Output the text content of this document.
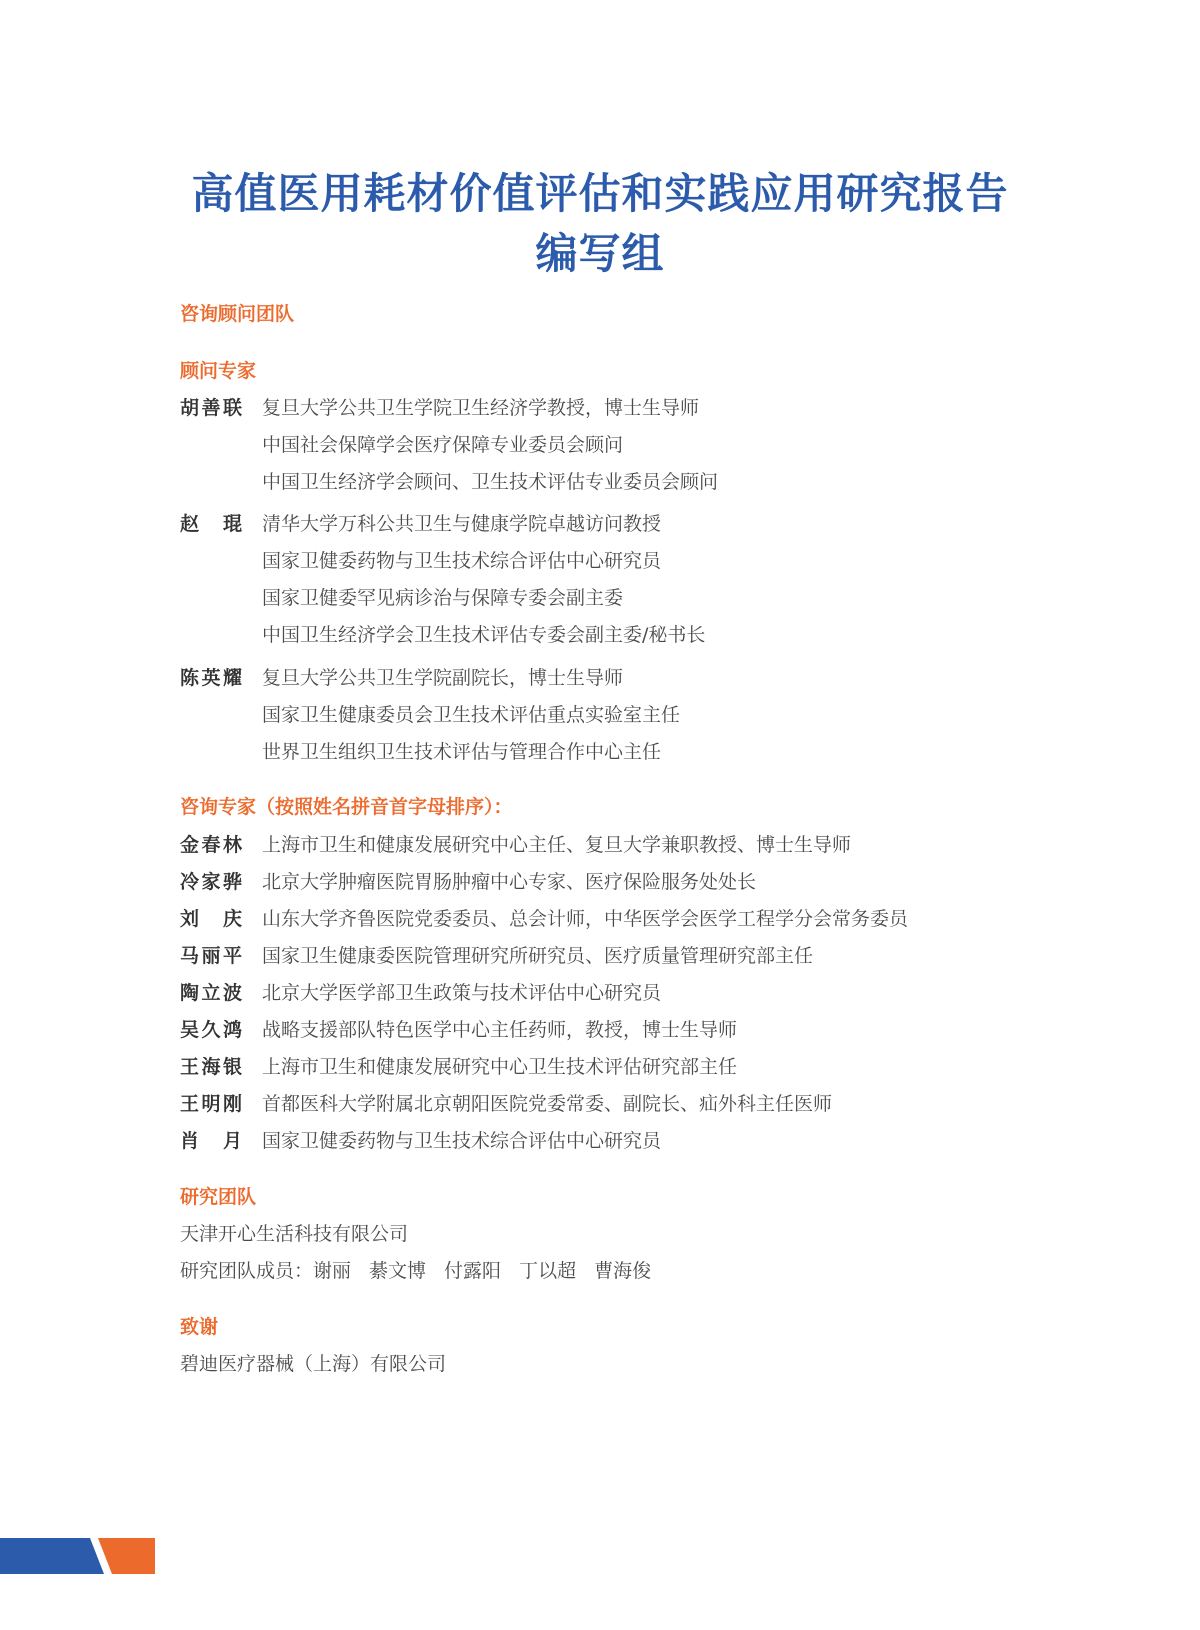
高值医用耗材价值评估和实践应用研究报告
编写组
咨询顾问团队
顾问专家
胡善联 复旦大学公共卫生学院卫生经济学教授，博士生导师
中国社会保障学会医疗保障专业委员会顾问
中国卫生经济学会顾问、卫生技术评估专业委员会顾问
赵琨 清华大学万科公共卫生与健康学院卓越访问教授
国家卫健委药物与卫生技术综合评估中心研究员
国家卫健委罕见病诊治与保障专委会副主委
中国卫生经济学会卫生技术评估专委会副主委/秘书长
陈英耀 复旦大学公共卫生学院副院长，博士生导师
国家卫生健康委员会卫生技术评估重点实验室主任
世界卫生组织卫生技术评估与管理合作中心主任
咨询专家（按照姓名拼音首字母排序）：
金春林 上海市卫生和健康发展研究中心主任、复旦大学兼职教授、博士生导师
冷家骅 北京大学肿瘤医院胃肠肿瘤中心专家、医疗保险服务处处长
刘庆 山东大学齐鲁医院党委委员、总会计师，中华医学会医学工程学分会常务委员
马丽平 国家卫生健康委医院管理研究所研究员、医疗质量管理研究部主任
陶立波 北京大学医学部卫生政策与技术评估中心研究员
吴久鸿 战略支援部队特色医学中心主任药师，教授，博士生导师
王海银 上海市卫生和健康发展研究中心卫生技术评估研究部主任
王明刚 首都医科大学附属北京朝阳医院党委常委、副院长、疝外科主任医师
肖月 国家卫健委药物与卫生技术综合评估中心研究员
研究团队
天津开心生活科技有限公司
研究团队成员：谢丽 綦文博 付露阳 丁以超 曹海俊
致谢
碧迪医疗器械（上海）有限公司
